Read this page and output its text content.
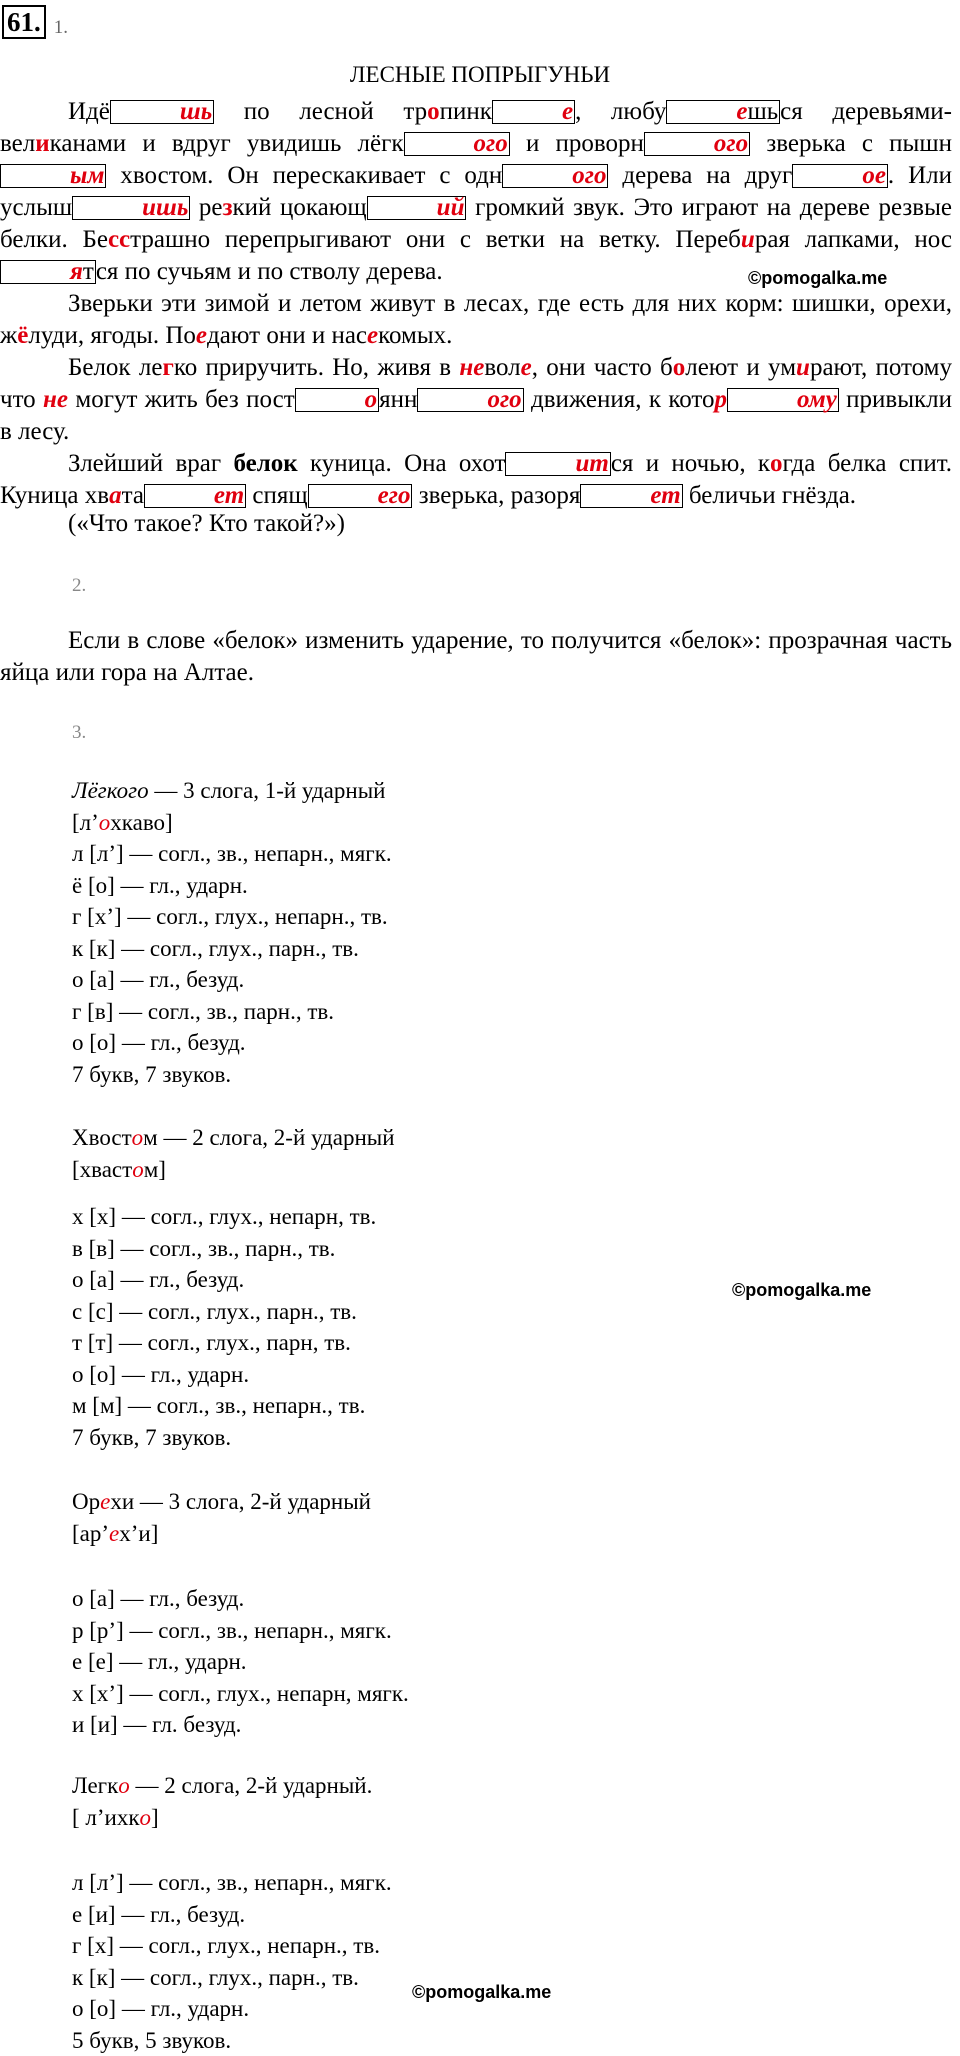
61. 1.
ЛЕСНЫЕ ПОПРЫГУНЬИ

Идё	шь по лесной тропинк	е, любу	ешься деревьями-великанами и вдруг увидишь лёгк	ого и проворн	ого зверька с пышным хвостом. Он перескакивает с одн	ого дерева на друг	ое. Или услыш	ишь резкий цокающ	ий громкий звук. Это играют на дереве резвые белки. Бесстрашно перепрыгивают они с ветки на ветку. Перебирая лапками, носятся по сучьям и по стволу дерева.

Зверьки эти зимой и летом живут в лесах, где есть для них корм: шишки, орехи, жёлуди, ягоды. Поедают они и насекомых.

Белок легко приручить. Но, живя в неволе, они часто болеют и умирают, потому что не могут жить без пост	оянн	ого движения, к котор	ому привыкли в лесу.

Злейший враг белок куница. Она охот	ится и ночью, когда белка спит. Куница хвата	ет спящ	его зверька, разоря	ет беличьи гнёзда.

(«Что такое? Кто такой?»)
2.
Если в слове «белок» изменить ударение, то получится «белок»: прозрачная часть яйца или гора на Алтае.
3.
Лёгкого — 3 слога, 1-й ударный
[л’охкаво]
л [л’] — согл., зв., непарн., мягк.
ё [о] — гл., ударн.
г [х’] — согл., глух., непарн., тв.
к [к] — согл., глух., парн., тв.
о [а] — гл., безуд.
г [в] — согл., зв., парн., тв.
о [о] — гл., безуд.
7 букв, 7 звуков.
Хвостом — 2 слога, 2-й ударный
[хвастом]
х [х] — согл., глух., непарн, тв.
в [в] — согл., зв., парн., тв.
о [а] — гл., безуд.
с [с] — согл., глух., парн., тв.
т [т] — согл., глух., парн, тв.
о [о] — гл., ударн.
м [м] — согл., зв., непарн., тв.
7 букв, 7 звуков.
Орехи — 3 слога, 2-й ударный
[ар’ех’и]
о [а] — гл., безуд.
р [р’] — согл., зв., непарн., мягк.
е [е] — гл., ударн.
х [х’] — согл., глух., непарн, мягк.
и [и] — гл. безуд.
Легко — 2 слога, 2-й ударный.
[ л’ихко]
л [л’] — согл., зв., непарн., мягк.
е [и] — гл., безуд.
г [х] — согл., глух., непарн., тв.
к [к] — согл., глух., парн., тв.
о [о] — гл., ударн.
5 букв, 5 звуков.
©pomogalka.me
©pomogalka.me
©pomogalka.me
